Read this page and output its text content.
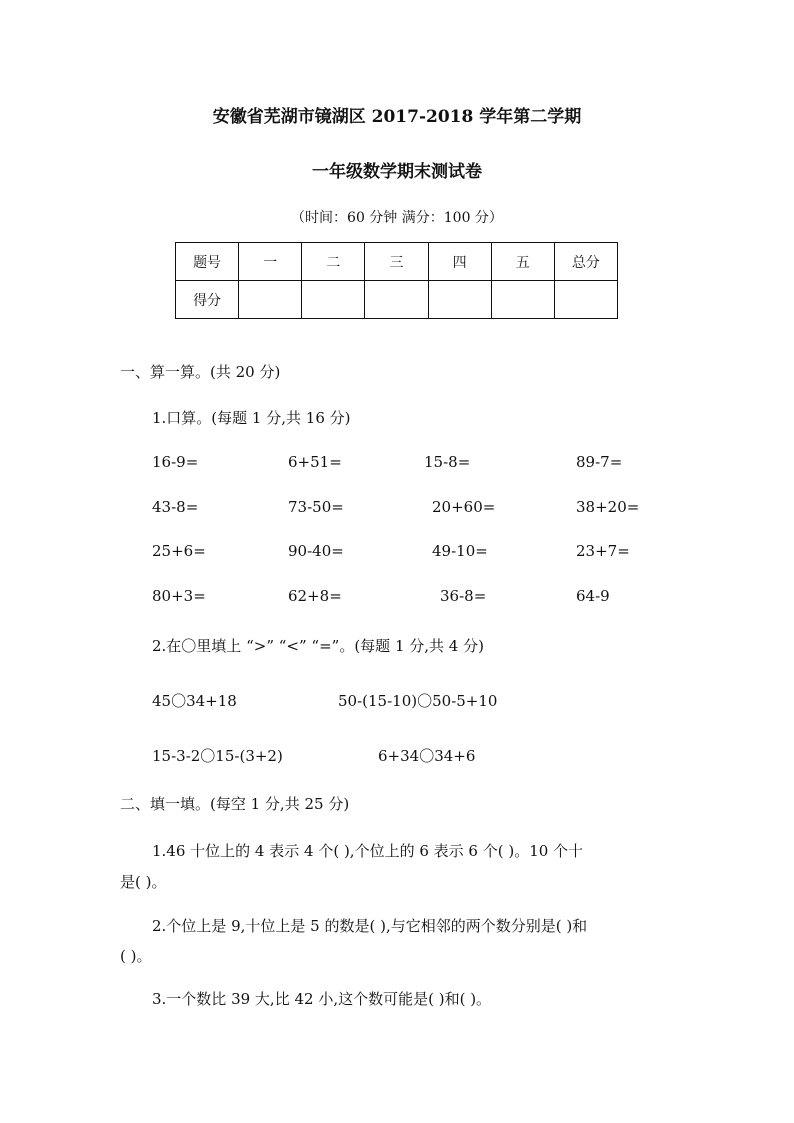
安徽省芜湖市镜湖区 2017-2018 学年第二学期
一年级数学期末测试卷
（时间：60 分钟 满分：100 分）
题号	一	二	三	四	五	总分
得分						
一、算一算。(共 20 分)
1.口算。(每题 1 分,共 16 分)
16-9=	6+51=	15-8=	89-7=
43-8=	73-50=	20+60=	38+20=
25+6=	90-40=	49-10=	23+7=
80+3=	62+8=	36-8=	64-9
2.在〇里填上 “>” “<” “=”。(每题 1 分,共 4 分)
45〇34+18	50-(15-10)〇50-5+10
15-3-2〇15-(3+2)	6+34〇34+6
二、填一填。(每空 1 分,共 25 分)
1.46 十位上的 4 表示 4 个( ),个位上的 6 表示 6 个( )。10 个十
是( )。
2.个位上是 9,十位上是 5 的数是( ),与它相邻的两个数分别是( )和
( )。
3.一个数比 39 大,比 42 小,这个数可能是( )和( )。
